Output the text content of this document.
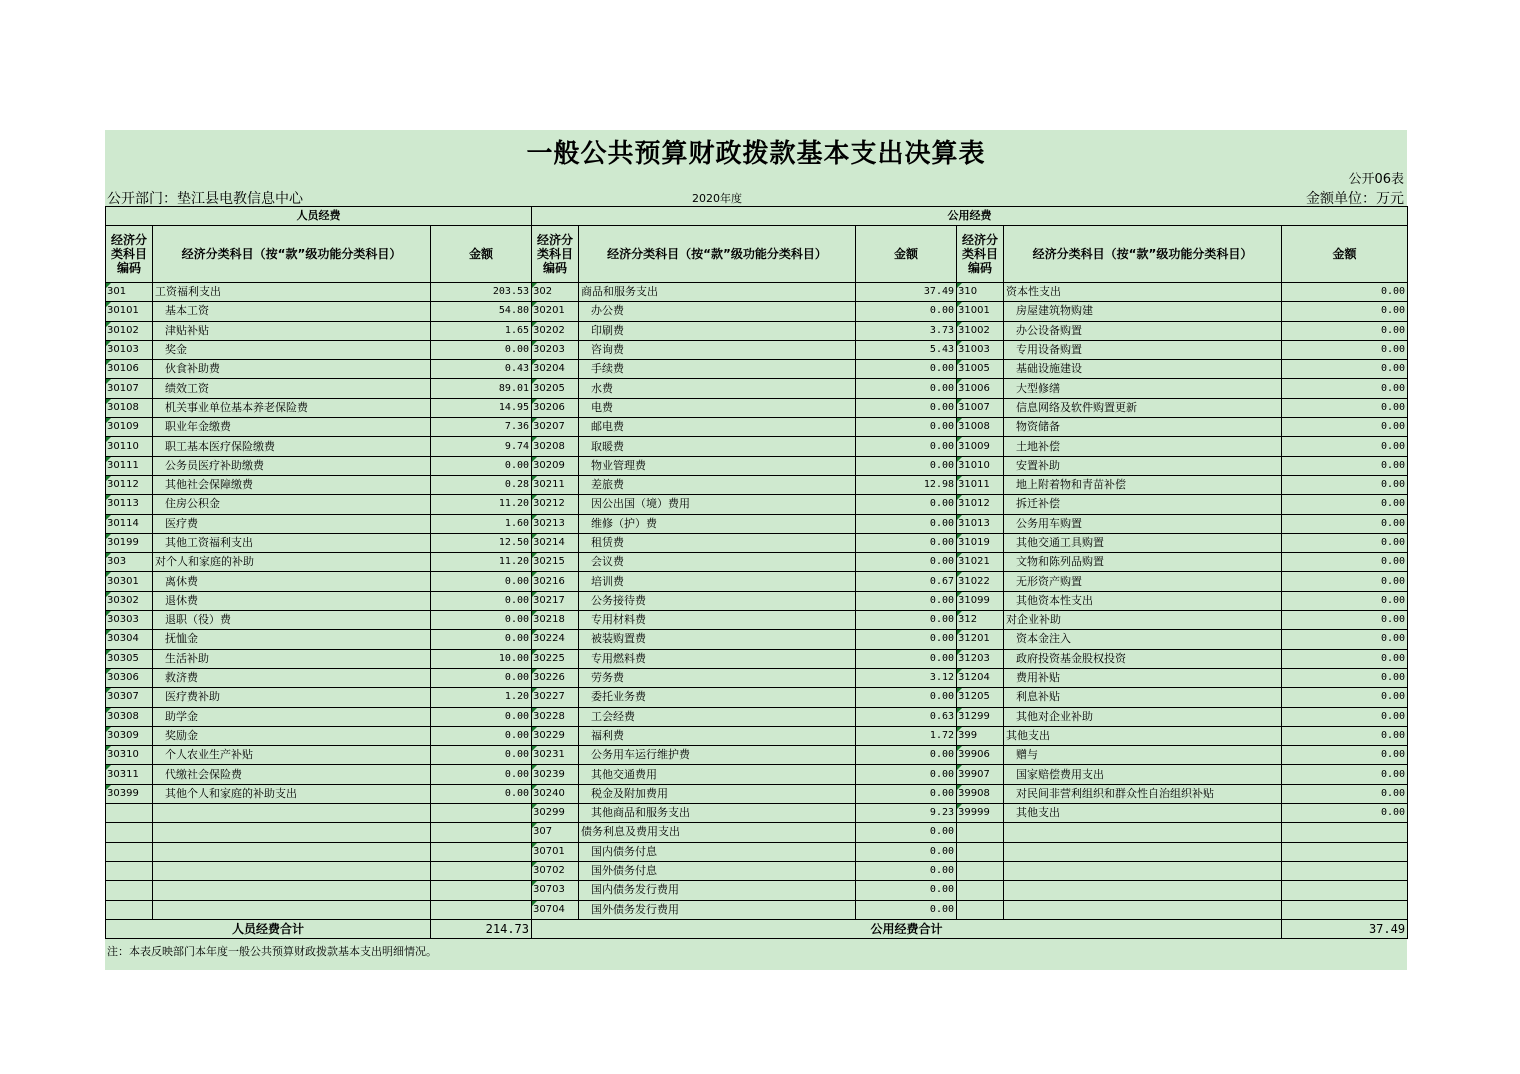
一般公共预算财政拨款基本支出决算表
公开06表
公开部门：垫江县电教信息中心	2020年度	金额单位：万元
人员经费			公用经费					
经济分类科目编码	经济分类科目（按“款”级功能分类科目）	金额	经济分类科目编码	经济分类科目（按“款”级功能分类科目）	金额	经济分类科目编码	经济分类科目（按“款”级功能分类科目）	金额
301	工资福利支出	203.53	302	商品和服务支出	37.49	310	资本性支出	0.00
30101	基本工资	54.80	30201	办公费	0.00	31001	房屋建筑物购建	0.00
30102	津贴补贴	1.65	30202	印刷费	3.73	31002	办公设备购置	0.00
30103	奖金	0.00	30203	咨询费	5.43	31003	专用设备购置	0.00
30106	伙食补助费	0.43	30204	手续费	0.00	31005	基础设施建设	0.00
30107	绩效工资	89.01	30205	水费	0.00	31006	大型修缮	0.00
30108	机关事业单位基本养老保险费	14.95	30206	电费	0.00	31007	信息网络及软件购置更新	0.00
30109	职业年金缴费	7.36	30207	邮电费	0.00	31008	物资储备	0.00
30110	职工基本医疗保险缴费	9.74	30208	取暖费	0.00	31009	土地补偿	0.00
30111	公务员医疗补助缴费	0.00	30209	物业管理费	0.00	31010	安置补助	0.00
30112	其他社会保障缴费	0.28	30211	差旅费	12.98	31011	地上附着物和青苗补偿	0.00
30113	住房公积金	11.20	30212	因公出国（境）费用	0.00	31012	拆迁补偿	0.00
30114	医疗费	1.60	30213	维修（护）费	0.00	31013	公务用车购置	0.00
30199	其他工资福利支出	12.50	30214	租赁费	0.00	31019	其他交通工具购置	0.00
303	对个人和家庭的补助	11.20	30215	会议费	0.00	31021	文物和陈列品购置	0.00
30301	离休费	0.00	30216	培训费	0.67	31022	无形资产购置	0.00
30302	退休费	0.00	30217	公务接待费	0.00	31099	其他资本性支出	0.00
30303	退职（役）费	0.00	30218	专用材料费	0.00	312	对企业补助	0.00
30304	抚恤金	0.00	30224	被装购置费	0.00	31201	资本金注入	0.00
30305	生活补助	10.00	30225	专用燃料费	0.00	31203	政府投资基金股权投资	0.00
30306	救济费	0.00	30226	劳务费	3.12	31204	费用补贴	0.00
30307	医疗费补助	1.20	30227	委托业务费	0.00	31205	利息补贴	0.00
30308	助学金	0.00	30228	工会经费	0.63	31299	其他对企业补助	0.00
30309	奖励金	0.00	30229	福利费	1.72	399	其他支出	0.00
30310	个人农业生产补贴	0.00	30231	公务用车运行维护费	0.00	39906	赠与	0.00
30311	代缴社会保险费	0.00	30239	其他交通费用	0.00	39907	国家赔偿费用支出	0.00
30399	其他个人和家庭的补助支出	0.00	30240	税金及附加费用	0.00	39908	对民间非营利组织和群众性自治组织补贴	0.00
			30299	其他商品和服务支出	9.23	39999	其他支出	0.00
			307	债务利息及费用支出	0.00			
			30701	国内债务付息	0.00			
			30702	国外债务付息	0.00			
			30703	国内债务发行费用	0.00			
			30704	国外债务发行费用	0.00			
人员经费合计		214.73	公用经费合计					37.49
注：本表反映部门本年度一般公共预算财政拨款基本支出明细情况。
